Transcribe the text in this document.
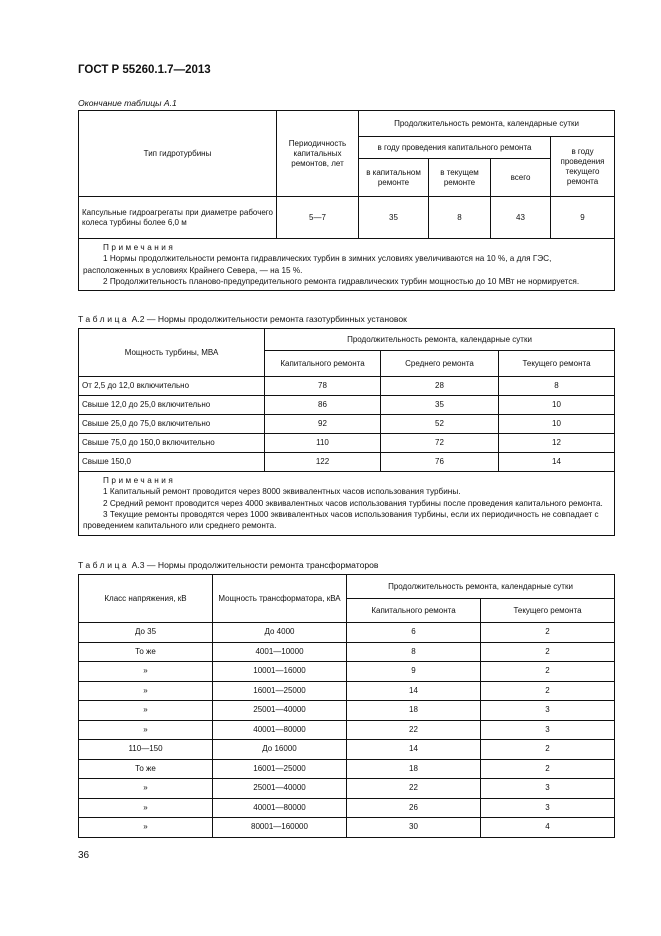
ГОСТ Р 55260.1.7—2013
Окончание таблицы А.1
Тип гидротурбины	Периодичность капитальных ремонтов, лет	Продолжительность ремонта, календарные сутки			
		в году проведения капитального ремонта			в году проведения текущего ремонта
		в капитальном ремонте	в текущем ремонте	всего	
Капсульные гидроагрегаты при диаметре рабочего колеса турбины более 6,0 м	5—7	35	8	43	9

Примечания
1 Нормы продолжительности ремонта гидравлических турбин в зимних условиях увеличиваются на 10 %, а для ГЭС, расположенных в условиях Крайнего Севера, — на 15 %.
2 Продолжительность планово-предупредительного ремонта гидравлических турбин мощностью до 10 МВт не нормируется.					
Таблица А.2 — Нормы продолжительности ремонта газотурбинных установок
Мощность турбины, МВА	Продолжительность ремонта, календарные сутки		
	Капитального ремонта	Среднего ремонта	Текущего ремонта
От 2,5 до 12,0 включительно	78	28	8
Свыше 12,0 до 25,0 включительно	86	35	10
Свыше 25,0 до 75,0 включительно	92	52	10
Свыше 75,0 до 150,0 включительно	110	72	12
Свыше 150,0	122	76	14

Примечания
1 Капитальный ремонт проводится через 8000 эквивалентных часов использования турбины.
2 Средний ремонт проводится через 4000 эквивалентных часов использования турбины после проведения капитального ремонта.
3 Текущие ремонты проводятся через 1000 эквивалентных часов использования турбины, если их периодичность не совпадает с проведением капитального или среднего ремонта.			
Таблица А.3 — Нормы продолжительности ремонта трансформаторов
Класс напряжения, кВ	Мощность трансформатора, кВА	Продолжительность ремонта, календарные сутки	
		Капитального ремонта	Текущего ремонта
До 35	До 4000	6	2
То же	4001—10000	8	2
»	10001—16000	9	2
»	16001—25000	14	2
»	25001—40000	18	3
»	40001—80000	22	3
110—150	До 16000	14	2
То же	16001—25000	18	2
»	25001—40000	22	3
»	40001—80000	26	3
»	80001—160000	30	4
36
